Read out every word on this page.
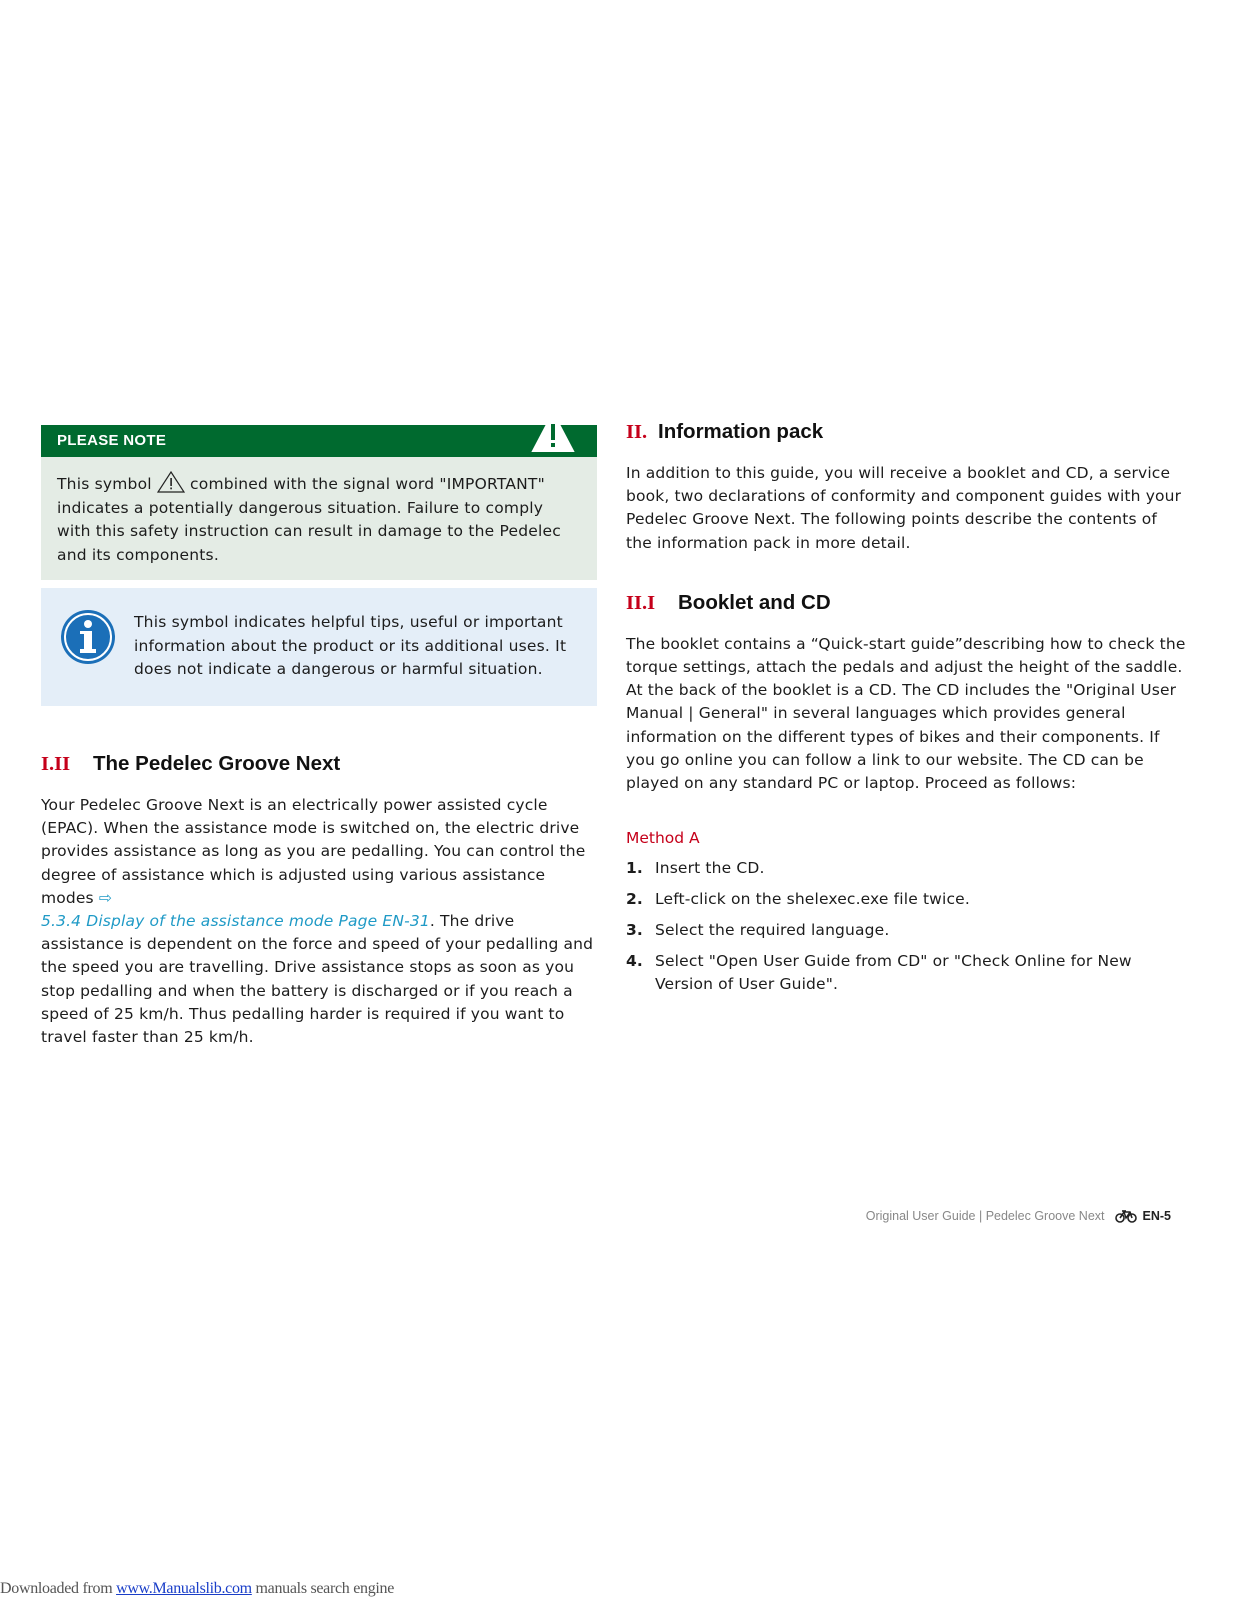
PLEASE NOTE
This symbol  combined with the signal word "IMPORTANT" indicates a potentially dangerous situation. Failure to comply with this safety instruction can result in damage to the Pedelec and its components.
This symbol indicates helpful tips, useful or important information about the product or its additional uses. It does not indicate a dangerous or harmful situation.
I.II The Pedelec Groove Next

Your Pedelec Groove Next is an electrically power assisted cycle (EPAC). When the assistance mode is switched on, the electric drive provides assistance as long as you are pedalling. You can control the degree of assistance which is adjusted using various assistance modes ⇨
5.3.4 Display of the assistance mode Page EN-31. The drive assistance is dependent on the force and speed of your pedalling and the speed you are travelling. Drive assistance stops as soon as you stop pedalling and when the battery is discharged or if you reach a speed of 25 km/h. Thus pedalling harder is required if you want to travel faster than 25 km/h.

II. Information pack

In addition to this guide, you will receive a booklet and CD, a service book, two declarations of conformity and component guides with your Pedelec Groove Next. The following points describe the contents of the information pack in more detail.

II.I Booklet and CD

The booklet contains a “Quick-start guide”describing how to check the torque settings, attach the pedals and adjust the height of the saddle. At the back of the booklet is a CD. The CD includes the "Original User Manual | General" in several languages which provides general information on the different types of bikes and their components. If you go online you can follow a link to our website. The CD can be played on any standard PC or laptop. Proceed as follows:

Method A
1. Insert the CD.
2. Left-click on the shelexec.exe file twice.
3. Select the required language.
4. Select "Open User Guide from CD" or "Check Online for New Version of User Guide".
Original User Guide | Pedelec Groove Next	EN-5
Downloaded from www.Manualslib.com manuals search engine
